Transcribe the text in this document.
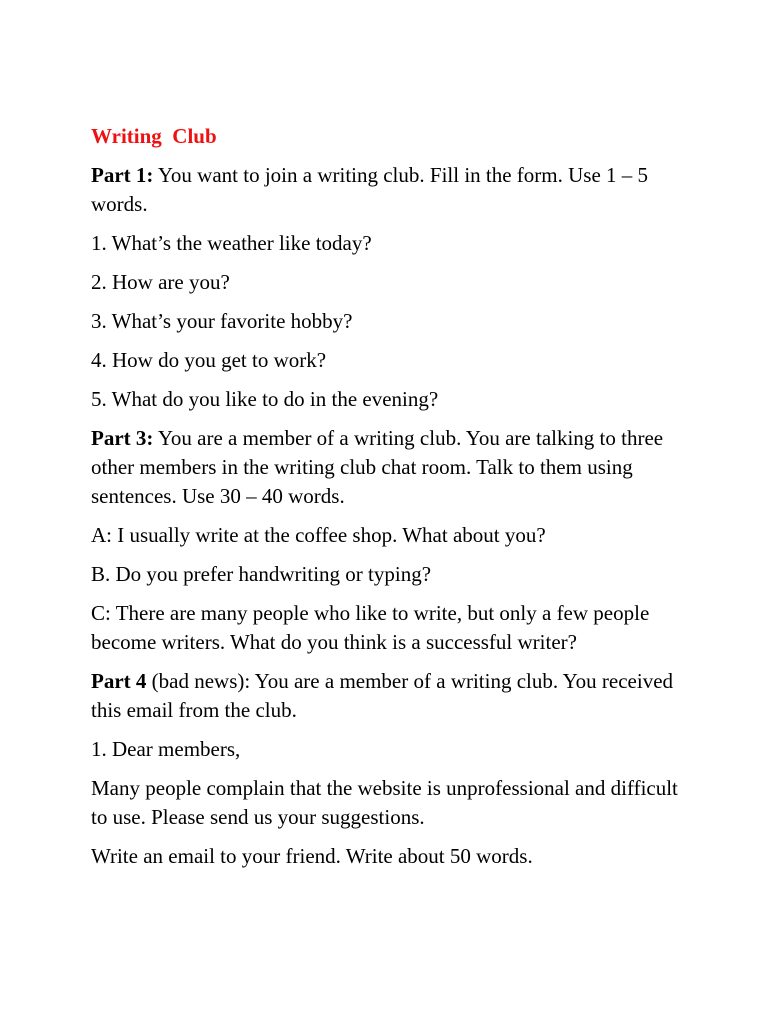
Writing  Club

Part 1: You want to join a writing club. Fill in the form. Use 1 – 5 words.

1. What’s the weather like today?

2. How are you?

3. What’s your favorite hobby?

4. How do you get to work?

5. What do you like to do in the evening?

Part 3: You are a member of a writing club. You are talking to three other members in the writing club chat room. Talk to them using sentences. Use 30 – 40 words.

A: I usually write at the coffee shop. What about you?

B. Do you prefer handwriting or typing?

C: There are many people who like to write, but only a few people become writers. What do you think is a successful writer?

Part 4 (bad news): You are a member of a writing club. You received this email from the club.

1. Dear members,

Many people complain that the website is unprofessional and difficult to use. Please send us your suggestions.

Write an email to your friend. Write about 50 words.
